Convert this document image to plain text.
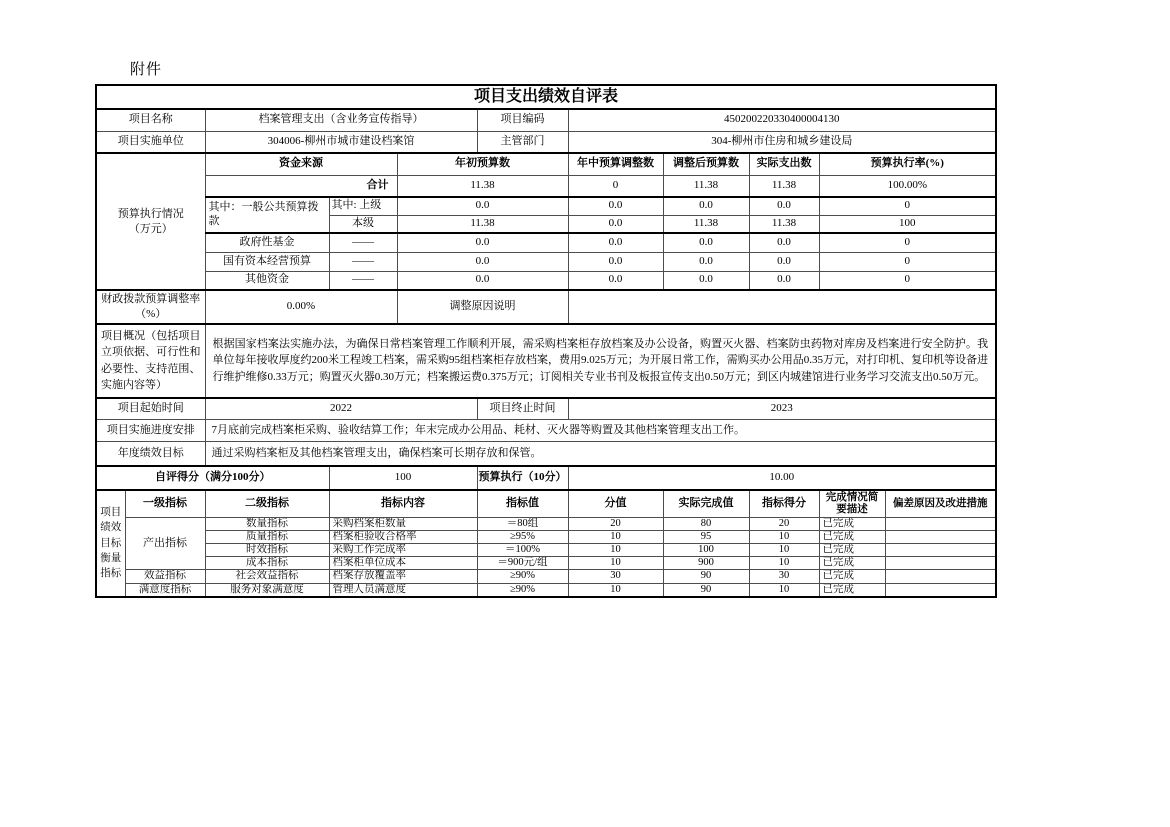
附件
项目支出绩效自评表										
项目名称		档案管理支出（含业务宣传指导）			项目编码	450200220330400004130				
项目实施单位		304006-柳州市城市建设档案馆			主管部门	304-柳州市住房和城乡建设局				
预算执行情况
（万元）		资金来源		年初预算数		年中预算调整数	调整后预算数	实际支出数	预算执行率(%)	
		合计		11.38		0	11.38	11.38	100.00%	
		其中：一般公共预算拨款	其中: 上级	0.0		0.0	0.0	0.0	0	
			本级	11.38		0.0	11.38	11.38	100	
		政府性基金	——	0.0		0.0	0.0	0.0	0	
		国有资本经营预算	——	0.0		0.0	0.0	0.0	0	
		其他资金	——	0.0		0.0	0.0	0.0	0	
财政拨款预算调整率
（%）		0.00%		调整原因说明						
项目概况（包括项目立项依据、可行性和必要性、支持范围、实施内容等）		根据国家档案法实施办法，为确保日常档案管理工作顺利开展，需采购档案柜存放档案及办公设备，购置灭火器、档案防虫药物对库房及档案进行安全防护。我单位每年接收厚度约200米工程竣工档案，需采购95组档案柜存放档案，费用9.025万元；为开展日常工作，需购买办公用品0.35万元，对打印机、复印机等设备进行维护维修0.33万元；购置灭火器0.30万元；档案搬运费0.375万元；订阅相关专业书刊及板报宣传支出0.50万元；到区内城建馆进行业务学习交流支出0.50万元。								
项目起始时间		2022			项目终止时间	2023				
项目实施进度安排		7月底前完成档案柜采购、验收结算工作；年末完成办公用品、耗材、灭火器等购置及其他档案管理支出工作。								
年度绩效目标		通过采购档案柜及其他档案管理支出，确保档案可长期存放和保管。								
自评得分（满分100分）			100		预算执行（10分）	10.00				
项目绩效目标衡量指标	一级指标	二级指标	指标内容		指标值	分值	实际完成值	指标得分	完成情况简要描述	偏差原因及改进措施
	产出指标	数量指标	采购档案柜数量		＝80组	20	80	20	已完成	
		质量指标	档案柜验收合格率		≥95%	10	95	10	已完成	
		时效指标	采购工作完成率		＝100%	10	100	10	已完成	
		成本指标	档案柜单位成本		＝900元/组	10	900	10	已完成	
	效益指标	社会效益指标	档案存放覆盖率		≥90%	30	90	30	已完成	
	满意度指标	服务对象满意度	管理人员满意度		≥90%	10	90	10	已完成	
